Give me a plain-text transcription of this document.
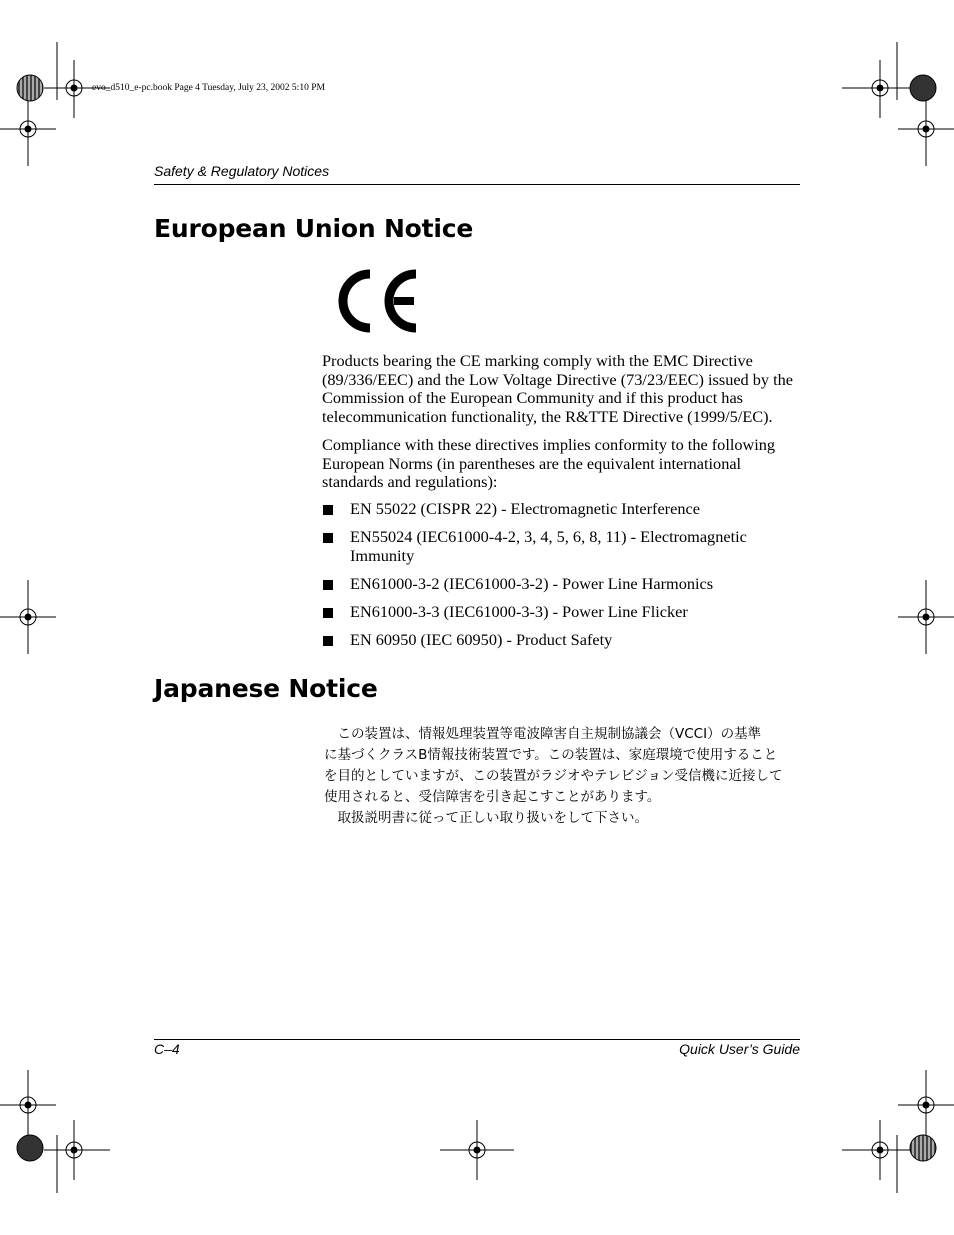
evo_d510_e-pc.book Page 4 Tuesday, July 23, 2002 5:10 PM
Safety & Regulatory Notices
European Union Notice

Products bearing the CE marking comply with the EMC Directive (89/336/EEC) and the Low Voltage Directive (73/23/EEC) issued by the Commission of the European Community and if this product has telecommunication functionality, the R&TTE Directive (1999/5/EC).

Compliance with these directives implies conformity to the following European Norms (in parentheses are the equivalent international standards and regulations):

EN 55022 (CISPR 22) - Electromagnetic Interference
EN55024 (IEC61000-4-2, 3, 4, 5, 6, 8, 11) - Electromagnetic Immunity
EN61000-3-2 (IEC61000-3-2) - Power Line Harmonics
EN61000-3-3 (IEC61000-3-3) - Power Line Flicker
EN 60950 (IEC 60950) - Product Safety
Japanese Notice
　この装置は、情報処理装置等電波障害自主規制協議会（VCCI）の基準
に基づくクラスB情報技術装置です。この装置は、家庭環境で使用すること
を目的としていますが、この装置がラジオやテレビジョン受信機に近接して
使用されると、受信障害を引き起こすことがあります。
　取扱説明書に従って正しい取り扱いをして下さい。
C–4	Quick User’s Guide
